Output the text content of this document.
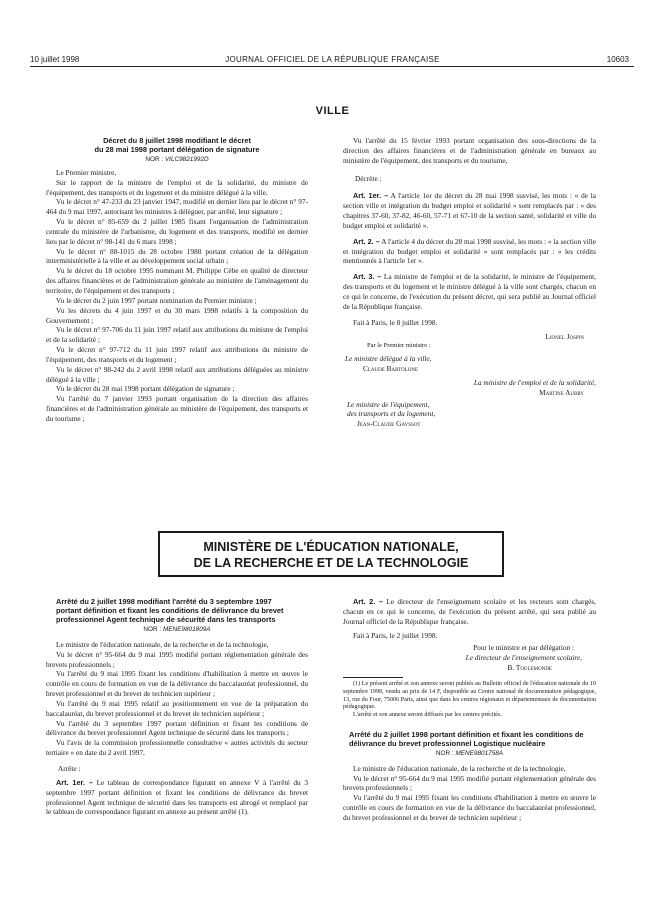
10 juillet 1998	JOURNAL OFFICIEL DE LA RÉPUBLIQUE FRANÇAISE	10603
VILLE
Décret du 8 juillet 1998 modifiant le décret
du 28 mai 1998 portant délégation de signature
NOR : VILC9821992D

Le Premier ministre,

Sur le rapport de la ministre de l'emploi et de la solidarité, du ministre de l'équipement, des transports et du logement et du ministre délégué à la ville,

Vu le décret n° 47-233 du 23 janvier 1947, modifié en dernier lieu par le décret n° 97-464 du 9 mai 1997, autorisant les ministres à déléguer, par arrêté, leur signature ;

Vu le décret n° 85-659 du 2 juillet 1985 fixant l'organisation de l'administration centrale du ministère de l'urbanisme, du logement et des transports, modifié en dernier lieu par le décret n° 98-141 du 6 mars 1998 ;

Vu le décret n° 88-1015 du 28 octobre 1988 portant création de la délégation interministérielle à la ville et au développement social urbain ;

Vu le décret du 18 octobre 1995 nommant M. Philippe Cèbe en qualité de directeur des affaires financières et de l'administration générale au ministère de l'aménagement du territoire, de l'équipement et des transports ;

Vu le décret du 2 juin 1997 portant nomination du Premier ministre ;

Vu les décrets du 4 juin 1997 et du 30 mars 1998 relatifs à la composition du Gouvernement ;

Vu le décret n° 97-706 du 11 juin 1997 relatif aux attributions du ministre de l'emploi et de la solidarité ;

Vu le décret n° 97-712 du 11 juin 1997 relatif aux attributions du ministre de l'équipement, des transports et du logement ;

Vu le décret n° 98-242 du 2 avril 1998 relatif aux attributions déléguées au ministre délégué à la ville ;

Vu le décret du 28 mai 1998 portant délégation de signature ;

Vu l'arrêté du 7 janvier 1993 portant organisation de la direction des affaires financières et de l'administration générale au ministère de l'équipement, des transports et du tourisme ;

Vu l'arrêté du 15 février 1993 portant organisation des sous-directions de la direction des affaires financières et de l'administration générale en bureaux au ministère de l'équipement, des transports et du tourisme,

Décrète :

Art. 1er. – A l'article 1er du décret du 28 mai 1998 susvisé, les mots : « de la section ville et intégration du budget emploi et solidarité » sont remplacés par : « des chapitres 37-60, 37-82, 46-60, 57-71 et 67-10 de la section santé, solidarité et ville du budget emploi et solidarité ».

Art. 2. – A l'article 4 du décret du 28 mai 1998 susvisé, les mots : « la section ville et intégration du budget emploi et solidarité » sont remplacés par : « les crédits mentionnés à l'article 1er ».

Art. 3. – La ministre de l'emploi et de la solidarité, le ministre de l'équipement, des transports et du logement et le ministre délégué à la ville sont chargés, chacun en ce qui le concerne, de l'exécution du présent décret, qui sera publié au Journal officiel de la République française.

Fait à Paris, le 8 juillet 1998.

Lionel Jospin

Par le Premier ministre :

Le ministre délégué à la ville,

Claude Bartolone

La ministre de l'emploi et de la solidarité,

Martine Aubry

Le ministre de l'équipement,

des transports et du logement,

Jean-Claude Gayssot

MINISTÈRE DE L'ÉDUCATION NATIONALE,
DE LA RECHERCHE ET DE LA TECHNOLOGIE
Arrêté du 2 juillet 1998 modifiant l'arrêté du 3 septembre 1997 portant définition et fixant les conditions de délivrance du brevet professionnel Agent technique de sécurité dans les transports
NOR : MENE9801809A

Le ministre de l'éducation nationale, de la recherche et de la technologie,

Vu le décret n° 95-664 du 9 mai 1995 modifié portant réglementation générale des brevets professionnels ;

Vu l'arrêté du 9 mai 1995 fixant les conditions d'habilitation à mettre en œuvre le contrôle en cours de formation en vue de la délivrance du baccalauréat professionnel, du brevet professionnel et du brevet de technicien supérieur ;

Vu l'arrêté du 9 mai 1995 relatif au positionnement en vue de la préparation du baccalauréat, du brevet professionnel et du brevet de technicien supérieur ;

Vu l'arrêté du 3 septembre 1997 portant définition et fixant les conditions de délivrance du brevet professionnel Agent technique de sécurité dans les transports ;

Vu l'avis de la commission professionnelle consultative « autres activités du secteur tertiaire » en date du 2 avril 1997,

Arrête :

Art. 1er. – Le tableau de correspondance figurant en annexe V à l'arrêté du 3 septembre 1997 portant définition et fixant les conditions de délivrance du brevet professionnel Agent technique de sécurité dans les transports est abrogé et remplacé par le tableau de correspondance figurant en annexe au présent arrêté (1).

Art. 2. – Le directeur de l'enseignement scolaire et les recteurs sont chargés, chacun en ce qui le concerne, de l'exécution du présent arrêté, qui sera publié au Journal officiel de la République française.

Fait à Paris, le 2 juillet 1998.

Pour le ministre et par délégation :

Le directeur de l'enseignement scolaire,

B. Toulemonde

(1) Le présent arrêté et son annexe seront publiés au Bulletin officiel de l'éducation nationale du 10 septembre 1998, vendu au prix de 14 F, disponible au Centre national de documentation pédagogique, 13, rue du Four, 75006 Paris, ainsi que dans les centres régionaux et départementaux de documentation pédagogique.

L'arrêté et son annexe seront diffusés par les centres précités.

Arrêté du 2 juillet 1998 portant définition et fixant les conditions de délivrance du brevet professionnel Logistique nucléaire
NOR : MENE9801758A

Le ministre de l'éducation nationale, de la recherche et de la technologie,

Vu le décret n° 95-664 du 9 mai 1995 modifié portant réglementation générale des brevets professionnels ;

Vu l'arrêté du 9 mai 1995 fixant les conditions d'habilitation à mettre en œuvre le contrôle en cours de formation en vue de la délivrance du baccalauréat professionnel, du brevet professionnel et du brevet de technicien supérieur ;
